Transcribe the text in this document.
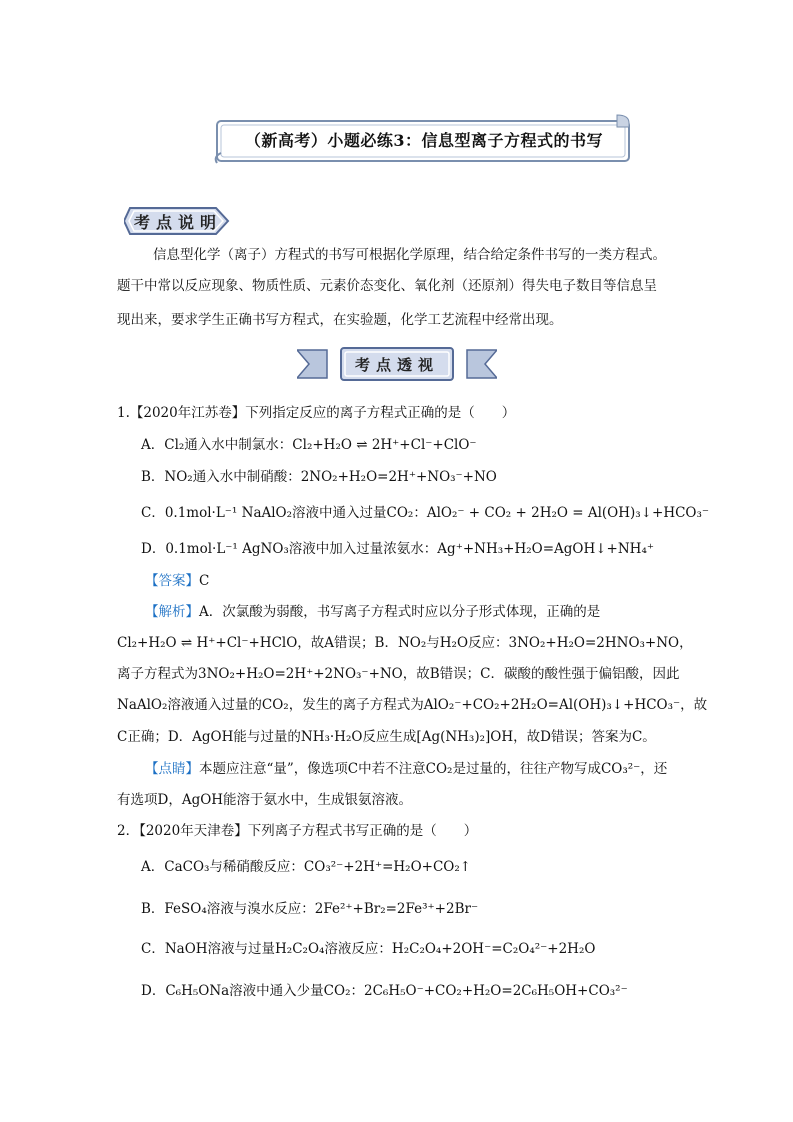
（新高考）小题必练3：信息型离子方程式的书写
考点说明
信息型化学（离子）方程式的书写可根据化学原理，结合给定条件书写的一类方程式。
题干中常以反应现象、物质性质、元素价态变化、氧化剂（还原剂）得失电子数目等信息呈
现出来，要求学生正确书写方程式，在实验题，化学工艺流程中经常出现。
考点透视
1.【2020年江苏卷】下列指定反应的离子方程式正确的是（　　）
A．Cl₂通入水中制氯水：Cl₂+H₂O ⇌ 2H⁺+Cl⁻+ClO⁻
B．NO₂通入水中制硝酸：2NO₂+H₂O=2H⁺+NO₃⁻+NO
C．0.1mol·L⁻¹ NaAlO₂溶液中通入过量CO₂：AlO₂⁻ + CO₂ + 2H₂O = Al(OH)₃↓+HCO₃⁻
D．0.1mol·L⁻¹ AgNO₃溶液中加入过量浓氨水：Ag⁺+NH₃+H₂O=AgOH↓+NH₄⁺
【答案】C
【解析】A．次氯酸为弱酸，书写离子方程式时应以分子形式体现，正确的是
Cl₂+H₂O ⇌ H⁺+Cl⁻+HClO，故A错误；B．NO₂与H₂O反应：3NO₂+H₂O=2HNO₃+NO，
离子方程式为3NO₂+H₂O=2H⁺+2NO₃⁻+NO，故B错误；C．碳酸的酸性强于偏铝酸，因此
NaAlO₂溶液通入过量的CO₂，发生的离子方程式为AlO₂⁻+CO₂+2H₂O=Al(OH)₃↓+HCO₃⁻，故
C正确；D．AgOH能与过量的NH₃·H₂O反应生成[Ag(NH₃)₂]OH，故D错误；答案为C。
【点睛】本题应注意“量”，像选项C中若不注意CO₂是过量的，往往产物写成CO₃²⁻，还
有选项D，AgOH能溶于氨水中，生成银氨溶液。
2．【2020年天津卷】下列离子方程式书写正确的是（　　）
A．CaCO₃与稀硝酸反应：CO₃²⁻+2H⁺=H₂O+CO₂↑
B．FeSO₄溶液与溴水反应：2Fe²⁺+Br₂=2Fe³⁺+2Br⁻
C．NaOH溶液与过量H₂C₂O₄溶液反应：H₂C₂O₄+2OH⁻=C₂O₄²⁻+2H₂O
D．C₆H₅ONa溶液中通入少量CO₂：2C₆H₅O⁻+CO₂+H₂O=2C₆H₅OH+CO₃²⁻
